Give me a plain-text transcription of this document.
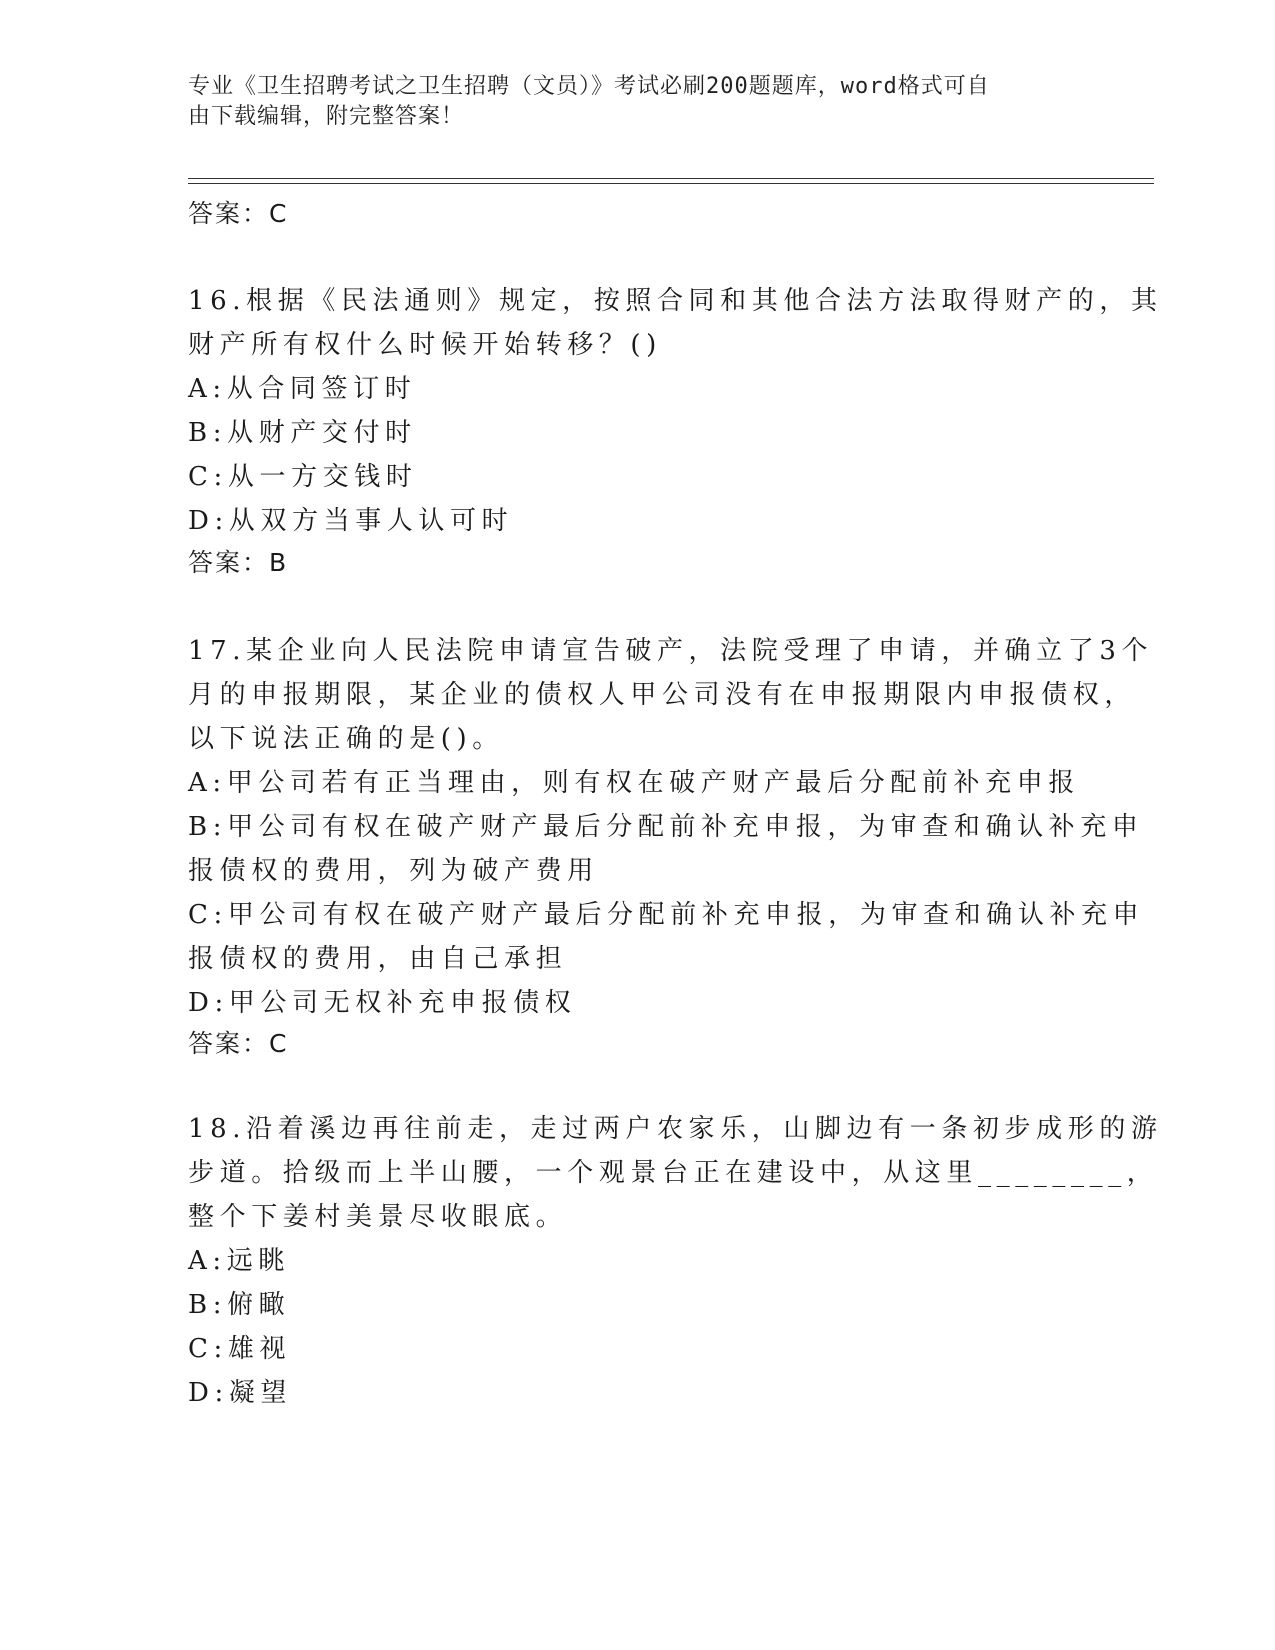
专业《卫生招聘考试之卫生招聘（文员）》考试必刷200题题库，word格式可自
由下载编辑，附完整答案！
答案：C
16.根据《民法通则》规定，按照合同和其他合法方法取得财产的，其
财产所有权什么时候开始转移？()
A:从合同签订时
B:从财产交付时
C:从一方交钱时
D:从双方当事人认可时
答案：B
17.某企业向人民法院申请宣告破产，法院受理了申请，并确立了3个
月的申报期限，某企业的债权人甲公司没有在申报期限内申报债权，
以下说法正确的是()。
A:甲公司若有正当理由，则有权在破产财产最后分配前补充申报
B:甲公司有权在破产财产最后分配前补充申报，为审查和确认补充申
报债权的费用，列为破产费用
C:甲公司有权在破产财产最后分配前补充申报，为审查和确认补充申
报债权的费用，由自己承担
D:甲公司无权补充申报债权
答案：C
18.沿着溪边再往前走，走过两户农家乐，山脚边有一条初步成形的游
步道。拾级而上半山腰，一个观景台正在建设中，从这里________，
整个下姜村美景尽收眼底。
A:远眺
B:俯瞰
C:雄视
D:凝望
